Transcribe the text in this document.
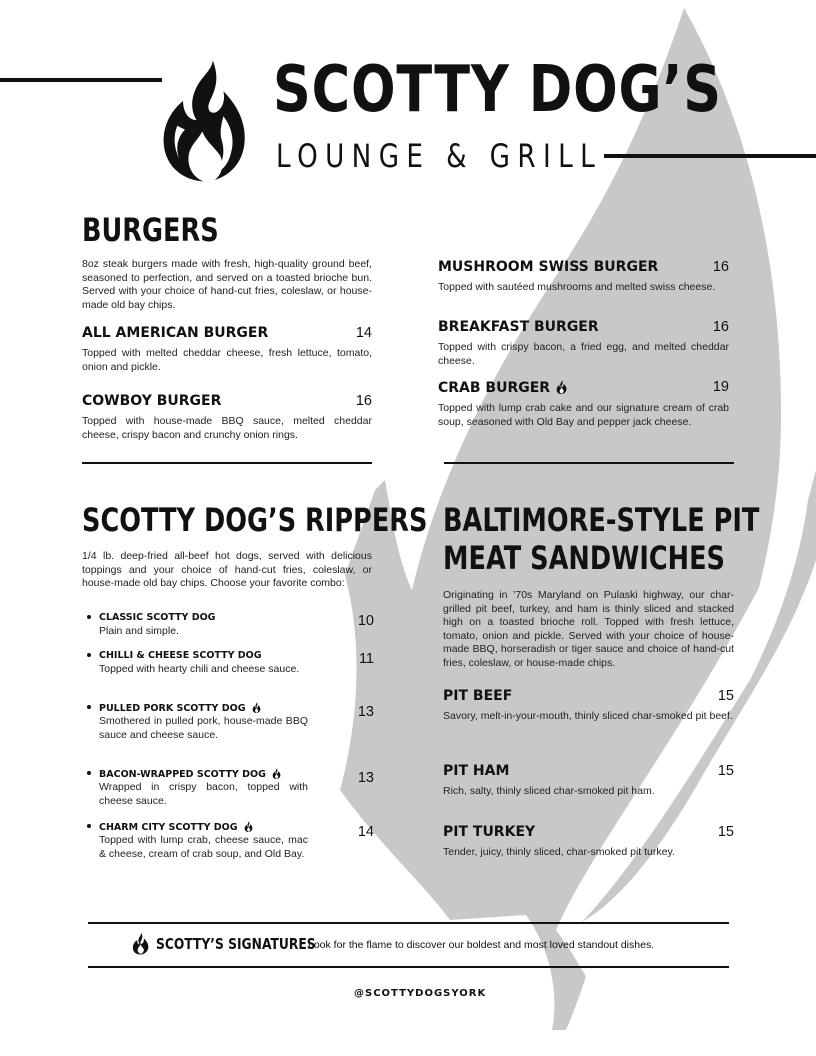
SCOTTY DOG’S
LOUNGE & GRILL
BURGERS
8oz steak burgers made with fresh, high-quality ground beef, seasoned to perfection, and served on a toasted brioche bun. Served with your choice of hand-cut fries, coleslaw, or house-made old bay chips.
ALL AMERICAN BURGER	14
Topped with melted cheddar cheese, fresh lettuce, tomato, onion and pickle.
COWBOY BURGER	16
Topped with house-made BBQ sauce, melted cheddar cheese, crispy bacon and crunchy onion rings.
MUSHROOM SWISS BURGER	16
Topped with sautéed mushrooms and melted swiss cheese.
BREAKFAST BURGER	16
Topped with crispy bacon, a fried egg, and melted cheddar cheese.
CRAB BURGER	19
Topped with lump crab cake and our signature cream of crab soup, seasoned with Old Bay and pepper jack cheese.
SCOTTY DOG’S RIPPERS
1/4 lb. deep-fried all-beef hot dogs, served with delicious toppings and your choice of hand-cut fries, coleslaw, or house-made old bay chips. Choose your favorite combo:
CLASSIC SCOTTY DOG
Plain and simple.
10
CHILLI & CHEESE SCOTTY DOG
Topped with hearty chili and cheese sauce.
11
PULLED PORK SCOTTY DOG
Smothered in pulled pork, house-made BBQ sauce and cheese sauce.
13
BACON-WRAPPED SCOTTY DOG
Wrapped in crispy bacon, topped with cheese sauce.
13
CHARM CITY SCOTTY DOG
Topped with lump crab, cheese sauce, mac & cheese, cream of crab soup, and Old Bay.
14
BALTIMORE-STYLE PIT
MEAT SANDWICHES
Originating in ’70s Maryland on Pulaski highway, our char-grilled pit beef, turkey, and ham is thinly sliced and stacked high on a toasted brioche roll. Topped with fresh lettuce, tomato, onion and pickle. Served with your choice of house-made BBQ, horseradish or tiger sauce and choice of hand-cut fries, coleslaw, or house-made chips.
PIT BEEF	15
Savory, melt-in-your-mouth, thinly sliced char-smoked pit beef.
PIT HAM	15
Rich, salty, thinly sliced char-smoked pit ham.
PIT TURKEY	15
Tender, juicy, thinly sliced, char-smoked pit turkey.
SCOTTY’S SIGNATURES
Look for the flame to discover our boldest and most loved standout dishes.
@SCOTTYDOGSYORK
